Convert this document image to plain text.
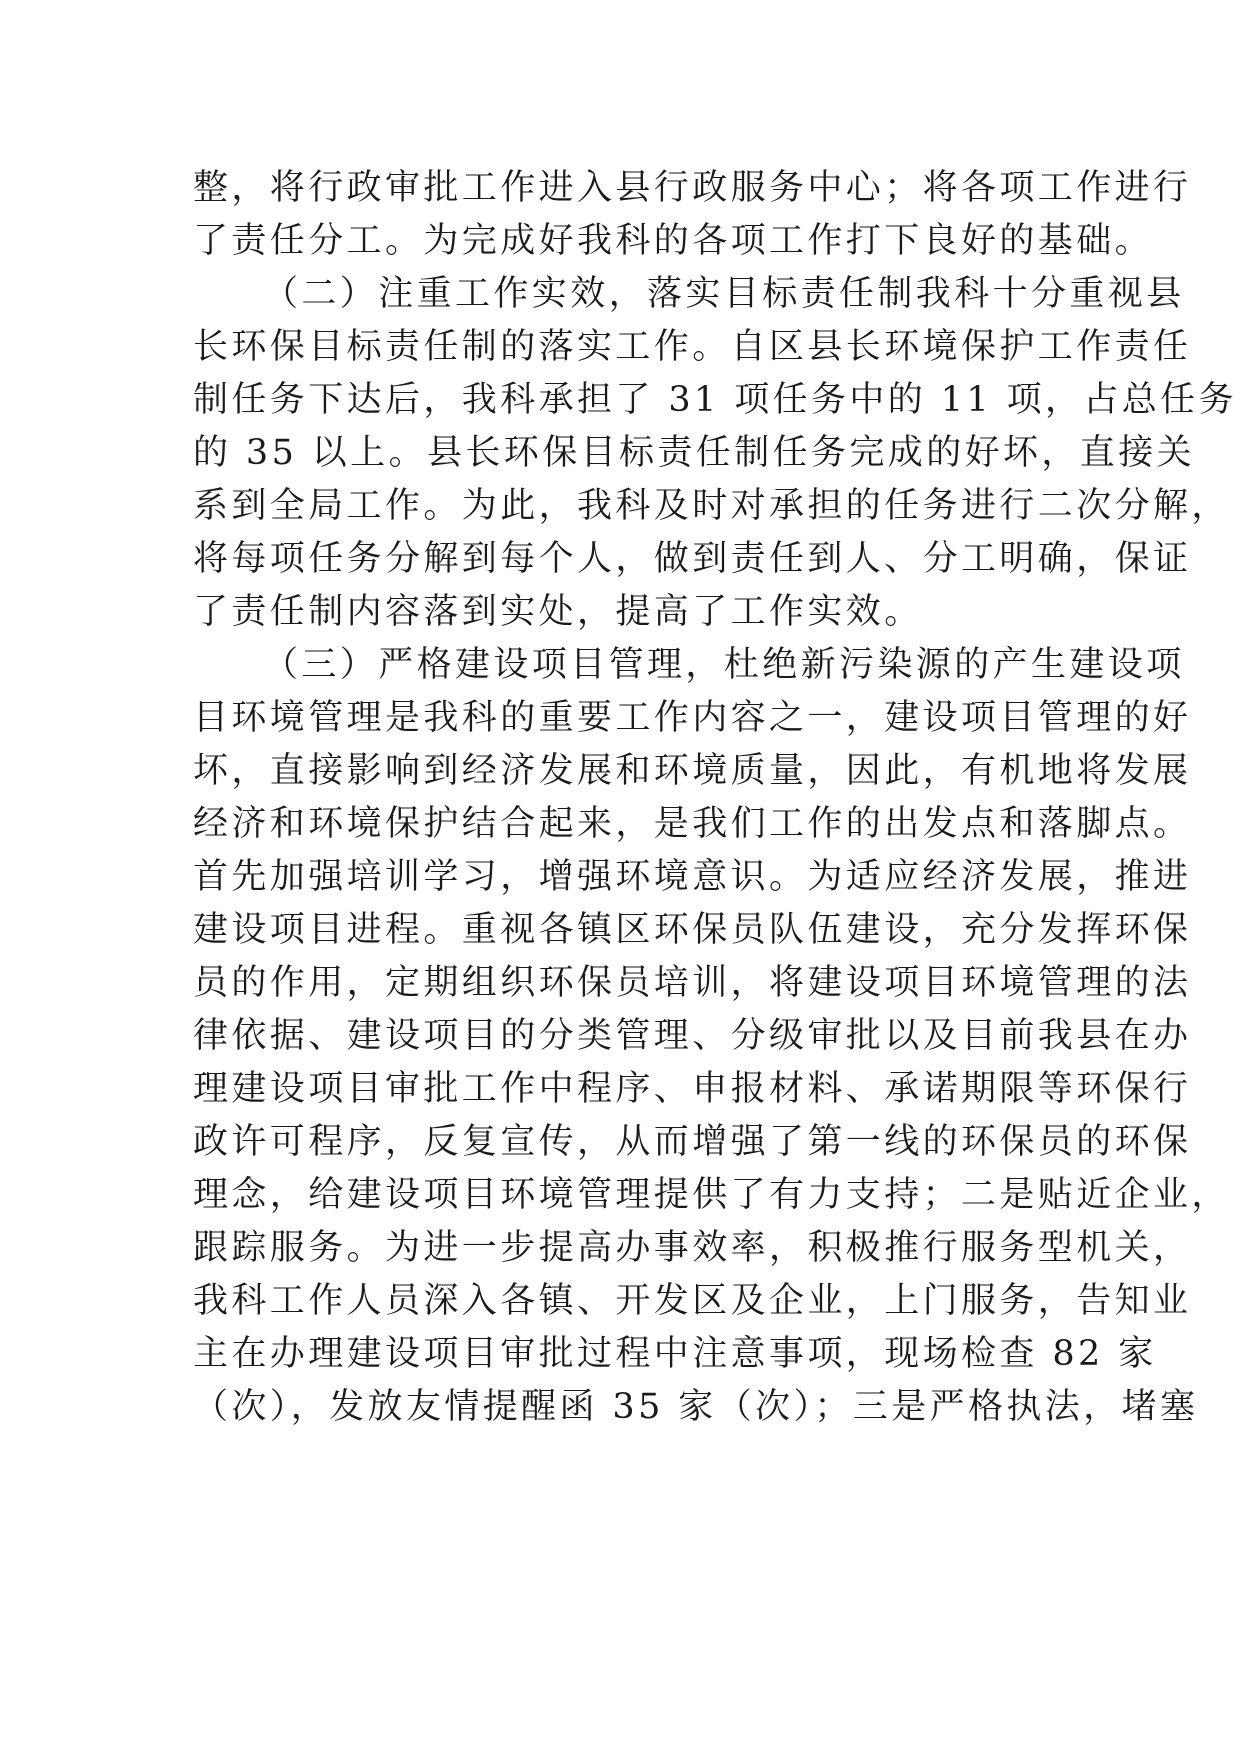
整，将行政审批工作进入县行政服务中心；将各项工作进行
了责任分工。为完成好我科的各项工作打下良好的基础。
（二）注重工作实效，落实目标责任制我科十分重视县
长环保目标责任制的落实工作。自区县长环境保护工作责任
制任务下达后，我科承担了 31 项任务中的 11 项，占总任务
的 35 以上。县长环保目标责任制任务完成的好坏，直接关
系到全局工作。为此，我科及时对承担的任务进行二次分解，
将每项任务分解到每个人，做到责任到人、分工明确，保证
了责任制内容落到实处，提高了工作实效。
（三）严格建设项目管理，杜绝新污染源的产生建设项
目环境管理是我科的重要工作内容之一，建设项目管理的好
坏，直接影响到经济发展和环境质量，因此，有机地将发展
经济和环境保护结合起来，是我们工作的出发点和落脚点。
首先加强培训学习，增强环境意识。为适应经济发展，推进
建设项目进程。重视各镇区环保员队伍建设，充分发挥环保
员的作用，定期组织环保员培训，将建设项目环境管理的法
律依据、建设项目的分类管理、分级审批以及目前我县在办
理建设项目审批工作中程序、申报材料、承诺期限等环保行
政许可程序，反复宣传，从而增强了第一线的环保员的环保
理念，给建设项目环境管理提供了有力支持；二是贴近企业，
跟踪服务。为进一步提高办事效率，积极推行服务型机关，
我科工作人员深入各镇、开发区及企业，上门服务，告知业
主在办理建设项目审批过程中注意事项，现场检查 82 家
（次），发放友情提醒函 35 家（次）；三是严格执法，堵塞
